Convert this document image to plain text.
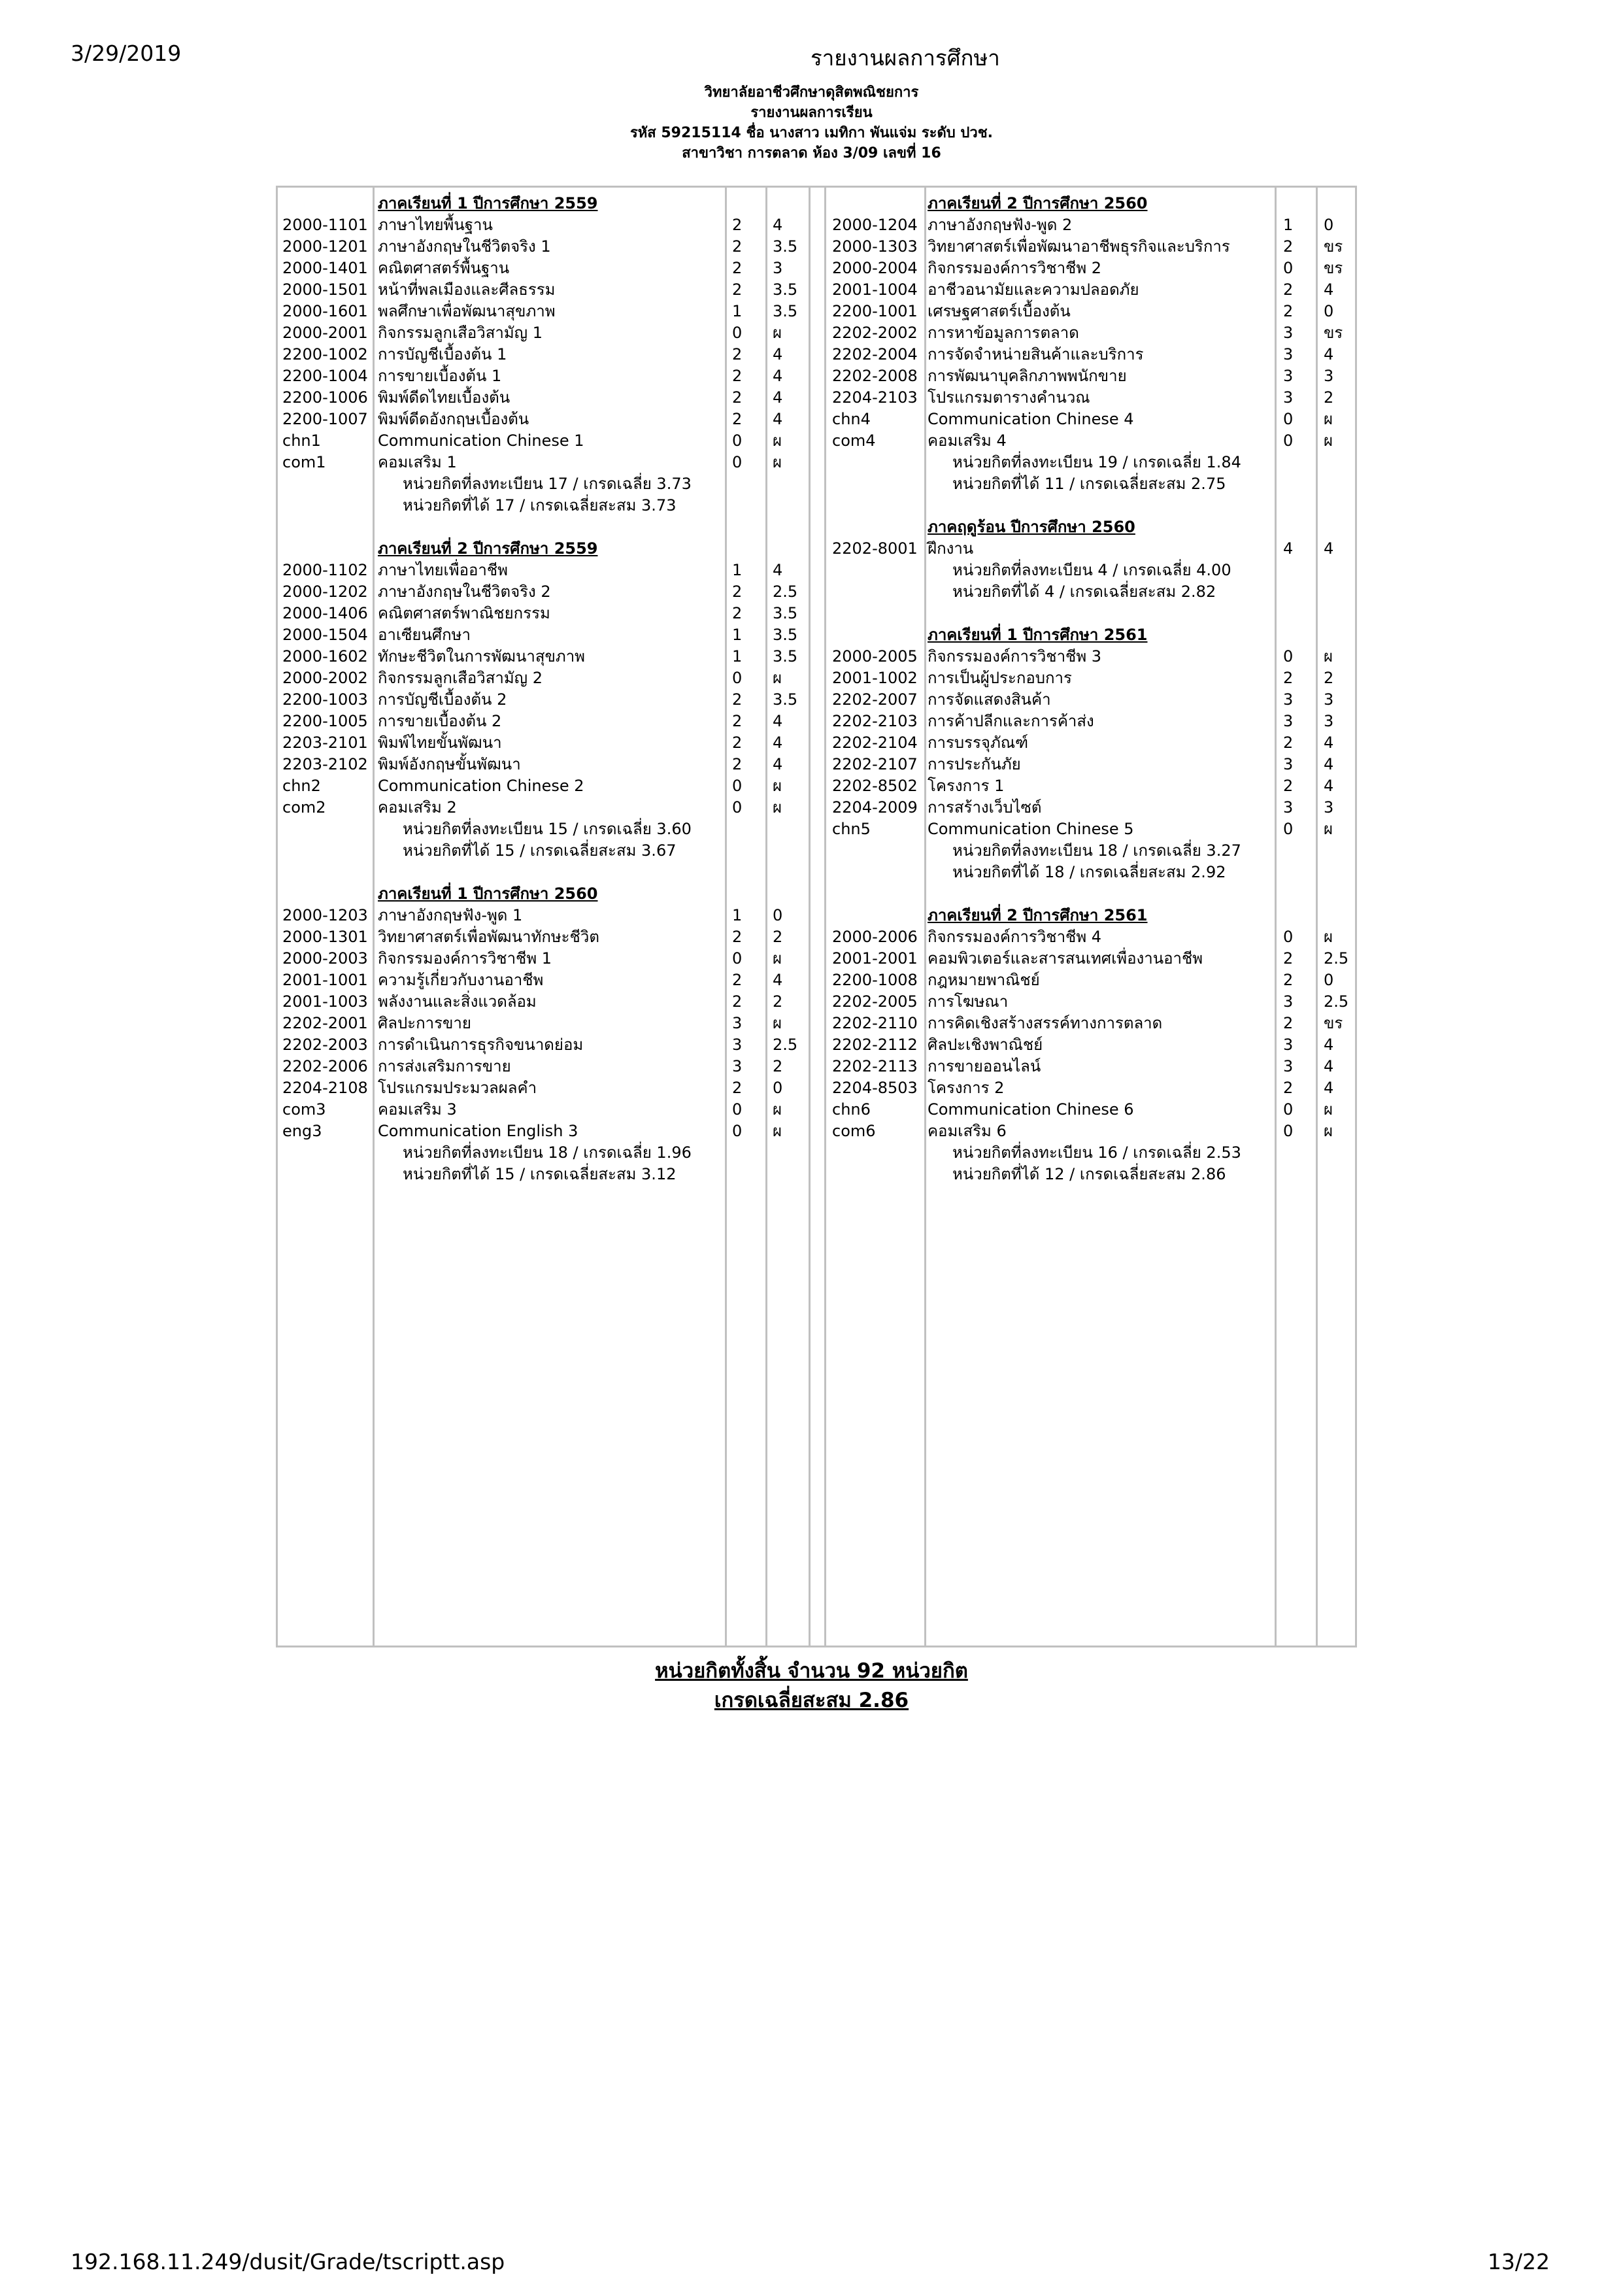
3/29/2019	รายงานผลการศึกษา
วิทยาลัยอาชีวศึกษาดุสิตพณิชยการ
รายงานผลการเรียน
รหัส 59215114 ชื่อ นางสาว เมทิกา พันแจ่ม ระดับ ปวช.
สาขาวิชา การตลาด ห้อง 3/09 เลขที่ 16
ภาคเรียนที่ 1 ปีการศึกษา 2559
2000-1101 ภาษาไทยพื้นฐาน	2 4
2000-1201 ภาษาอังกฤษในชีวิตจริง 1	2 3.5
2000-1401 คณิตศาสตร์พื้นฐาน	2 3
2000-1501 หน้าที่พลเมืองและศีลธรรม	2 3.5
2000-1601 พลศึกษาเพื่อพัฒนาสุขภาพ	1 3.5
2000-2001 กิจกรรมลูกเสือวิสามัญ 1	0 ผ
2200-1002 การบัญชีเบื้องต้น 1	2 4
2200-1004 การขายเบื้องต้น 1	2 4
2200-1006 พิมพ์ดีดไทยเบื้องต้น	2 4
2200-1007 พิมพ์ดีดอังกฤษเบื้องต้น	2 4
chn1	Communication Chinese 1	0 ผ
com1	คอมเสริม 1	0 ผ
หน่วยกิตที่ลงทะเบียน 17 / เกรดเฉลี่ย 3.73
หน่วยกิตที่ได้ 17 / เกรดเฉลี่ยสะสม 3.73
ภาคเรียนที่ 2 ปีการศึกษา 2559
2000-1102 ภาษาไทยเพื่ออาชีพ	1 4
2000-1202 ภาษาอังกฤษในชีวิตจริง 2	2 2.5
2000-1406 คณิตศาสตร์พาณิชยกรรม	2 3.5
2000-1504 อาเซียนศึกษา	1 3.5
2000-1602 ทักษะชีวิตในการพัฒนาสุขภาพ	1 3.5
2000-2002 กิจกรรมลูกเสือวิสามัญ 2	0 ผ
2200-1003 การบัญชีเบื้องต้น 2	2 3.5
2200-1005 การขายเบื้องต้น 2	2 4
2203-2101 พิมพ์ไทยขั้นพัฒนา	2 4
2203-2102 พิมพ์อังกฤษขั้นพัฒนา	2 4
chn2	Communication Chinese 2	0 ผ
com2	คอมเสริม 2	0 ผ
หน่วยกิตที่ลงทะเบียน 15 / เกรดเฉลี่ย 3.60
หน่วยกิตที่ได้ 15 / เกรดเฉลี่ยสะสม 3.67
ภาคเรียนที่ 1 ปีการศึกษา 2560
2000-1203 ภาษาอังกฤษฟัง-พูด 1	1 0
2000-1301 วิทยาศาสตร์เพื่อพัฒนาทักษะชีวิต	2 2
2000-2003 กิจกรรมองค์การวิชาชีพ 1	0 ผ
2001-1001 ความรู้เกี่ยวกับงานอาชีพ	2 4
2001-1003 พลังงานและสิ่งแวดล้อม	2 2
2202-2001 ศิลปะการขาย	3 ผ
2202-2003 การดำเนินการธุรกิจขนาดย่อม	3 2.5
2202-2006 การส่งเสริมการขาย	3 2
2204-2108 โปรแกรมประมวลผลคำ	2 0
com3	คอมเสริม 3	0 ผ
eng3	Communication English 3	0 ผ
หน่วยกิตที่ลงทะเบียน 18 / เกรดเฉลี่ย 1.96
หน่วยกิตที่ได้ 15 / เกรดเฉลี่ยสะสม 3.12
ภาคเรียนที่ 2 ปีการศึกษา 2560
2000-1204 ภาษาอังกฤษฟัง-พูด 2	1 0
2000-1303 วิทยาศาสตร์เพื่อพัฒนาอาชีพธุรกิจและบริการ	2 ขร
2000-2004 กิจกรรมองค์การวิชาชีพ 2	0 ขร
2001-1004 อาชีวอนามัยและความปลอดภัย	2 4
2200-1001 เศรษฐศาสตร์เบื้องต้น	2 0
2202-2002 การหาข้อมูลการตลาด	3 ขร
2202-2004 การจัดจำหน่ายสินค้าและบริการ	3 4
2202-2008 การพัฒนาบุคลิกภาพพนักขาย	3 3
2204-2103 โปรแกรมตารางคำนวณ	3 2
chn4	Communication Chinese 4	0 ผ
com4	คอมเสริม 4	0 ผ
หน่วยกิตที่ลงทะเบียน 19 / เกรดเฉลี่ย 1.84
หน่วยกิตที่ได้ 11 / เกรดเฉลี่ยสะสม 2.75
ภาคฤดูร้อน ปีการศึกษา 2560
2202-8001 ฝึกงาน	4 4
หน่วยกิตที่ลงทะเบียน 4 / เกรดเฉลี่ย 4.00
หน่วยกิตที่ได้ 4 / เกรดเฉลี่ยสะสม 2.82
ภาคเรียนที่ 1 ปีการศึกษา 2561
2000-2005 กิจกรรมองค์การวิชาชีพ 3	0 ผ
2001-1002 การเป็นผู้ประกอบการ	2 2
2202-2007 การจัดแสดงสินค้า	3 3
2202-2103 การค้าปลีกและการค้าส่ง	3 3
2202-2104 การบรรจุภัณฑ์	2 4
2202-2107 การประกันภัย	3 4
2202-8502 โครงการ 1	2 4
2204-2009 การสร้างเว็บไซต์	3 3
chn5	Communication Chinese 5	0 ผ
หน่วยกิตที่ลงทะเบียน 18 / เกรดเฉลี่ย 3.27
หน่วยกิตที่ได้ 18 / เกรดเฉลี่ยสะสม 2.92
ภาคเรียนที่ 2 ปีการศึกษา 2561
2000-2006 กิจกรรมองค์การวิชาชีพ 4	0 ผ
2001-2001 คอมพิวเตอร์และสารสนเทศเพื่องานอาชีพ	2 2.5
2200-1008 กฎหมายพาณิชย์	2 0
2202-2005 การโฆษณา	3 2.5
2202-2110 การคิดเชิงสร้างสรรค์ทางการตลาด	2 ขร
2202-2112 ศิลปะเชิงพาณิชย์	3 4
2202-2113 การขายออนไลน์	3 4
2204-8503 โครงการ 2	2 4
chn6	Communication Chinese 6	0 ผ
com6	คอมเสริม 6	0 ผ
หน่วยกิตที่ลงทะเบียน 16 / เกรดเฉลี่ย 2.53
หน่วยกิตที่ได้ 12 / เกรดเฉลี่ยสะสม 2.86
หน่วยกิตทั้งสิ้น จำนวน 92 หน่วยกิต
เกรดเฉลี่ยสะสม 2.86
192.168.11.249/dusit/Grade/tscriptt.asp	13/22
